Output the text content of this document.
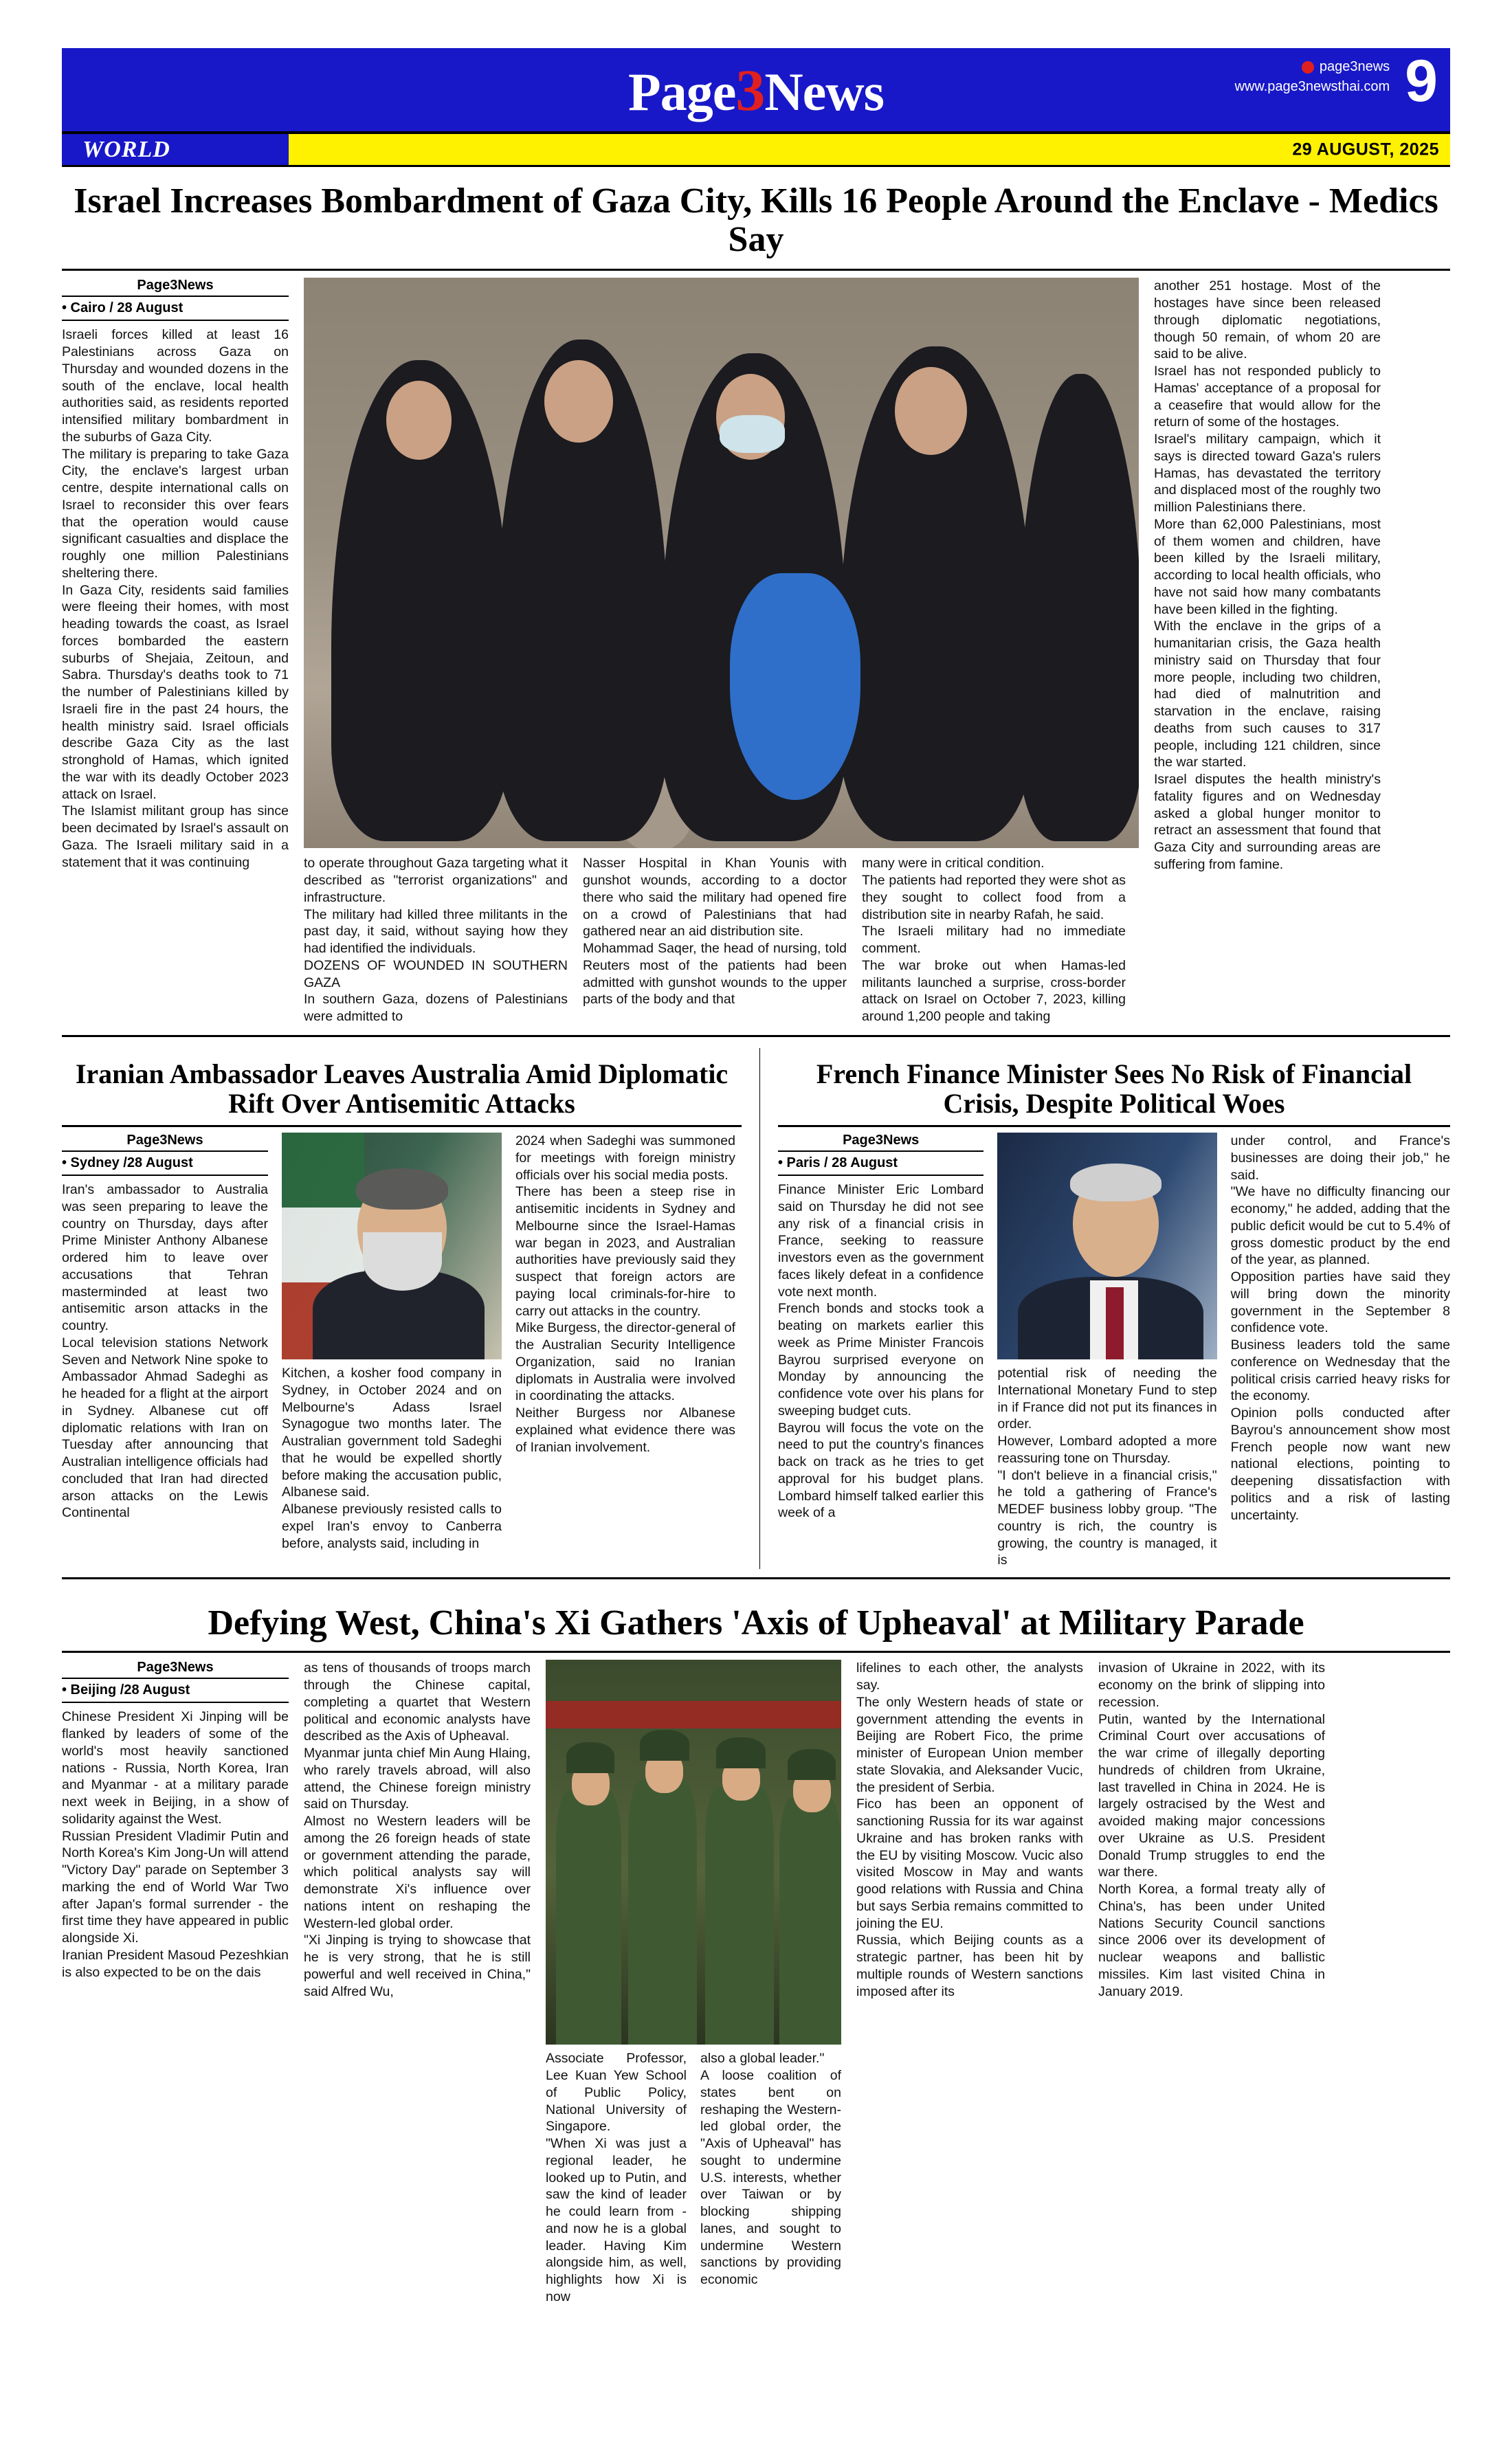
Page3News	page3news
www.page3newsthai.com 9
WORLD	29 AUGUST, 2025
Israel Increases Bombardment of Gaza City, Kills 16 People Around the Enclave - Medics Say
Page3News
• Cairo / 28 August

Israeli forces killed at least 16 Palestinians across Gaza on Thursday and wounded dozens in the south of the enclave, local health authorities said, as residents reported intensified military bombardment in the suburbs of Gaza City.

The military is preparing to take Gaza City, the enclave's largest urban centre, despite international calls on Israel to reconsider this over fears that the operation would cause significant casualties and displace the roughly one million Palestinians sheltering there.

In Gaza City, residents said families were fleeing their homes, with most heading towards the coast, as Israel forces bombarded the eastern suburbs of Shejaia, Zeitoun, and Sabra. Thursday's deaths took to 71 the number of Palestinians killed by Israeli fire in the past 24 hours, the health ministry said. Israel officials describe Gaza City as the last stronghold of Hamas, which ignited the war with its deadly October 2023 attack on Israel.

The Islamist militant group has since been decimated by Israel's assault on Gaza. The Israeli military said in a statement that it was continuing	to operate throughout Gaza targeting what it described as "terrorist organizations" and infrastructure.

The military had killed three militants in the past day, it said, without saying how they had identified the individuals.

DOZENS OF WOUNDED IN SOUTHERN GAZA

In southern Gaza, dozens of Palestinians were admitted to

Nasser Hospital in Khan Younis with gunshot wounds, according to a doctor there who said the military had opened fire on a crowd of Palestinians that had gathered near an aid distribution site.

Mohammad Saqer, the head of nursing, told Reuters most of the patients had been admitted with gunshot wounds to the upper parts of the body and that

many were in critical condition.

The patients had reported they were shot as they sought to collect food from a distribution site in nearby Rafah, he said.

The Israeli military had no immediate comment.

The war broke out when Hamas-led militants launched a surprise, cross-border attack on Israel on October 7, 2023, killing around 1,200 people and taking

another 251 hostage. Most of the hostages have since been released through diplomatic negotiations, though 50 remain, of whom 20 are said to be alive.

Israel has not responded publicly to Hamas' acceptance of a proposal for a ceasefire that would allow for the return of some of the hostages.

Israel's military campaign, which it says is directed toward Gaza's rulers Hamas, has devastated the territory and displaced most of the roughly two million Palestinians there.

More than 62,000 Palestinians, most of them women and children, have been killed by the Israeli military, according to local health officials, who have not said how many combatants have been killed in the fighting.

With the enclave in the grips of a humanitarian crisis, the Gaza health ministry said on Thursday that four more people, including two children, had died of malnutrition and starvation in the enclave, raising deaths from such causes to 317 people, including 121 children, since the war started.

Israel disputes the health ministry's fatality figures and on Wednesday asked a global hunger monitor to retract an assessment that found that Gaza City and surrounding areas are suffering from famine.

Iranian Ambassador Leaves Australia Amid Diplomatic Rift Over Antisemitic Attacks
Page3News
• Sydney /28 August

Iran's ambassador to Australia was seen preparing to leave the country on Thursday, days after Prime Minister Anthony Albanese ordered him to leave over accusations that Tehran masterminded at least two antisemitic arson attacks in the country.

Local television stations Network Seven and Network Nine spoke to Ambassador Ahmad Sadeghi as he headed for a flight at the airport in Sydney. Albanese cut off diplomatic relations with Iran on Tuesday after announcing that Australian intelligence officials had concluded that Iran had directed arson attacks on the Lewis Continental

Kitchen, a kosher food company in Sydney, in October 2024 and on Melbourne's Adass Israel Synagogue two months later. The Australian government told Sadeghi that he would be expelled shortly before making the accusation public, Albanese said.

Albanese previously resisted calls to expel Iran's envoy to Canberra before, analysts said, including in

2024 when Sadeghi was summoned for meetings with foreign ministry officials over his social media posts.

There has been a steep rise in antisemitic incidents in Sydney and Melbourne since the Israel-Hamas war began in 2023, and Australian authorities have previously said they suspect that foreign actors are paying local criminals-for-hire to carry out attacks in the country.

Mike Burgess, the director-general of the Australian Security Intelligence Organization, said no Iranian diplomats in Australia were involved in coordinating the attacks.

Neither Burgess nor Albanese explained what evidence there was of Iranian involvement.

French Finance Minister Sees No Risk of Financial Crisis, Despite Political Woes
Page3News
• Paris / 28 August

Finance Minister Eric Lombard said on Thursday he did not see any risk of a financial crisis in France, seeking to reassure investors even as the government faces likely defeat in a confidence vote next month.

French bonds and stocks took a beating on markets earlier this week as Prime Minister Francois Bayrou surprised everyone on Monday by announcing the confidence vote over his plans for sweeping budget cuts.

Bayrou will focus the vote on the need to put the country's finances back on track as he tries to get approval for his budget plans. Lombard himself talked earlier this week of a

potential risk of needing the International Monetary Fund to step in if France did not put its finances in order.

However, Lombard adopted a more reassuring tone on Thursday.

"I don't believe in a financial crisis," he told a gathering of France's MEDEF business lobby group. "The country is rich, the country is growing, the country is managed, it is

under control, and France's businesses are doing their job," he said.

"We have no difficulty financing our economy," he added, adding that the public deficit would be cut to 5.4% of gross domestic product by the end of the year, as planned.

Opposition parties have said they will bring down the minority government in the September 8 confidence vote.

Business leaders told the same conference on Wednesday that the political crisis carried heavy risks for the economy.

Opinion polls conducted after Bayrou's announcement show most French people now want new national elections, pointing to deepening dissatisfaction with politics and a risk of lasting uncertainty.

Defying West, China's Xi Gathers 'Axis of Upheaval' at Military Parade
Page3News
• Beijing /28 August

Chinese President Xi Jinping will be flanked by leaders of some of the world's most heavily sanctioned nations - Russia, North Korea, Iran and Myanmar - at a military parade next week in Beijing, in a show of solidarity against the West.

Russian President Vladimir Putin and North Korea's Kim Jong-Un will attend "Victory Day" parade on September 3 marking the end of World War Two after Japan's formal surrender - the first time they have appeared in public alongside Xi.

Iranian President Masoud Pezeshkian is also expected to be on the dais

as tens of thousands of troops march through the Chinese capital, completing a quartet that Western political and economic analysts have described as the Axis of Upheaval.

Myanmar junta chief Min Aung Hlaing, who rarely travels abroad, will also attend, the Chinese foreign ministry said on Thursday.

Almost no Western leaders will be among the 26 foreign heads of state or government attending the parade, which political analysts say will demonstrate Xi's influence over nations intent on reshaping the Western-led global order.

"Xi Jinping is trying to showcase that he is very strong, that he is still powerful and well received in China," said Alfred Wu,

Associate Professor, Lee Kuan Yew School of Public Policy, National University of Singapore.

"When Xi was just a regional leader, he looked up to Putin, and saw the kind of leader he could learn from - and now he is a global leader. Having Kim alongside him, as well, highlights how Xi is now

also a global leader."

A loose coalition of states bent on reshaping the Western-led global order, the "Axis of Upheaval" has sought to undermine U.S. interests, whether over Taiwan or by blocking shipping lanes, and sought to undermine Western sanctions by providing economic

lifelines to each other, the analysts say.

The only Western heads of state or government attending the events in Beijing are Robert Fico, the prime minister of European Union member state Slovakia, and Aleksander Vucic, the president of Serbia.

Fico has been an opponent of sanctioning Russia for its war against Ukraine and has broken ranks with the EU by visiting Moscow. Vucic also visited Moscow in May and wants good relations with Russia and China but says Serbia remains committed to joining the EU.

Russia, which Beijing counts as a strategic partner, has been hit by multiple rounds of Western sanctions imposed after its

invasion of Ukraine in 2022, with its economy on the brink of slipping into recession.

Putin, wanted by the International Criminal Court over accusations of the war crime of illegally deporting hundreds of children from Ukraine, last travelled in China in 2024. He is largely ostracised by the West and avoided making major concessions over Ukraine as U.S. President Donald Trump struggles to end the war there.

North Korea, a formal treaty ally of China's, has been under United Nations Security Council sanctions since 2006 over its development of nuclear weapons and ballistic missiles. Kim last visited China in January 2019.
